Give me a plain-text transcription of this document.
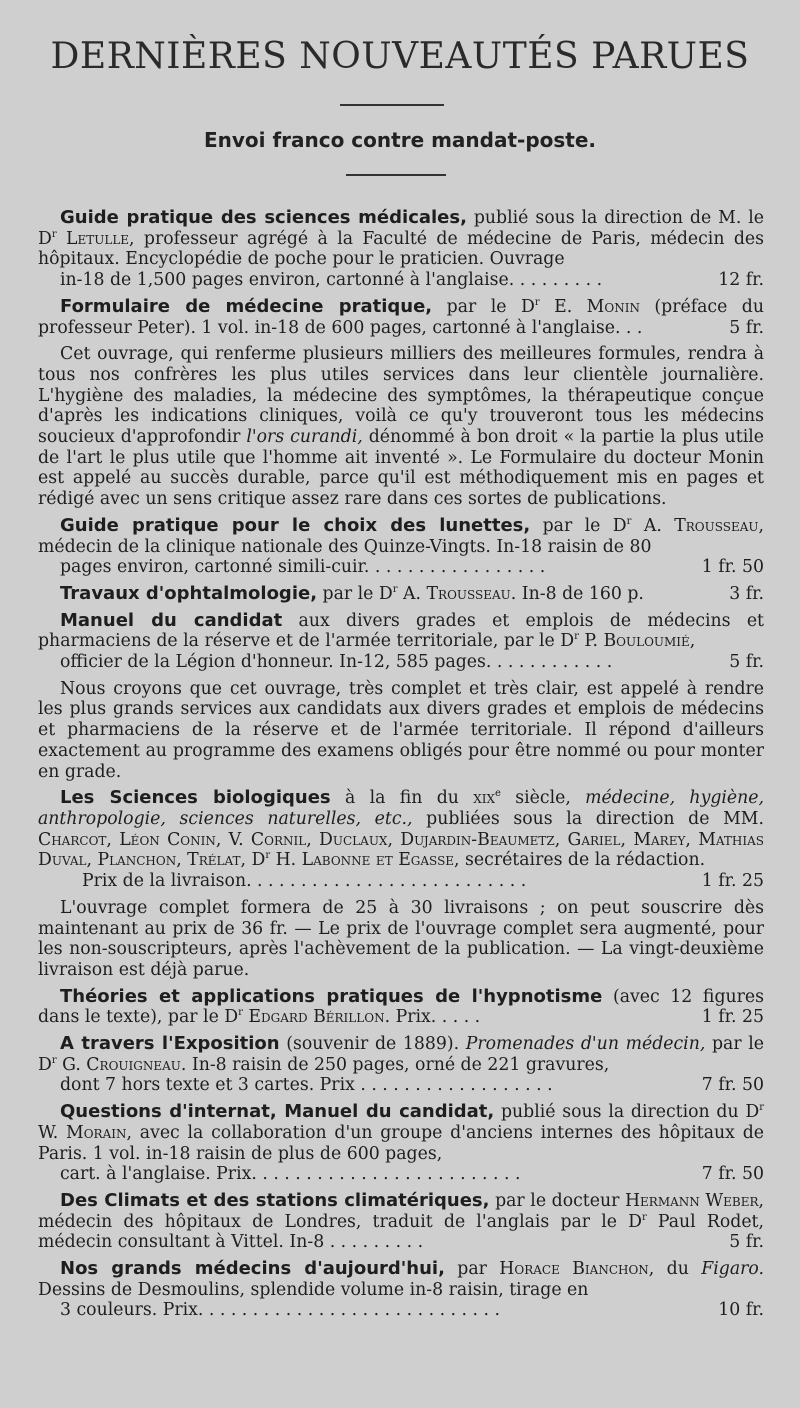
DERNIÈRES NOUVEAUTÉS PARUES
Envoi franco contre mandat-poste.

Guide pratique des sciences médicales, publié sous la direction de M. le $D^r$ Letulle, professeur agrégé à la Faculté de médecine de Paris, médecin des hôpitaux. Encyclopédie de poche pour le praticien. Ouvrage
in-18 de 1,500 pages environ, cartonné à l'anglaise. . . . . . . . .	12 fr.

Formulaire de médecine pratique, par le $D^r$ E. Monin (préface du professeur Peter). 1 vol. in-18 de 600 pages, cartonné à l'anglaise. . .	5 fr.

Cet ouvrage, qui renferme plusieurs milliers des meilleures formules, rendra à tous nos confrères les plus utiles services dans leur clientèle journalière. L'hygiène des maladies, la médecine des symptômes, la thérapeutique conçue d'après les indications cliniques, voilà ce qu'y trouveront tous les médecins soucieux d'approfondir l'ors curandi, dénommé à bon droit « la partie la plus utile de l'art le plus utile que l'homme ait inventé ». Le Formulaire du docteur Monin est appelé au succès durable, parce qu'il est méthodiquement mis en pages et rédigé avec un sens critique assez rare dans ces sortes de publications.

Guide pratique pour le choix des lunettes, par le $D^r$ A. Trousseau, médecin de la clinique nationale des Quinze-Vingts. In-18 raisin de 80
pages environ, cartonné simili-cuir. . . . . . . . . . . . . . . . .	1 fr. 50

Travaux d'ophtalmologie, par le $D^r$ A. Trousseau. In-8 de 160 p.	3 fr.

Manuel du candidat aux divers grades et emplois de médecins et pharmaciens de la réserve et de l'armée territoriale, par le $D^r$ P. Bouloumié,
officier de la Légion d'honneur. In-12, 585 pages. . . . . . . . . . . .	5 fr.

Nous croyons que cet ouvrage, très complet et très clair, est appelé à rendre les plus grands services aux candidats aux divers grades et emplois de médecins et pharmaciens de la réserve et de l'armée territoriale. Il répond d'ailleurs exactement au programme des examens obligés pour être nommé ou pour monter en grade.

Les Sciences biologiques à la fin du xix$^e$ siècle, médecine, hygiène, anthropologie, sciences naturelles, etc., publiées sous la direction de MM. Charcot, Léon Conin, V. Cornil, Duclaux, Dujardin-Beaumetz, Gariel, Marey, Mathias Duval, Planchon, Trélat, $D^r$ H. Labonne et Egasse, secrétaires de la rédaction.
Prix de la livraison. . . . . . . . . . . . . . . . . . . . . . . . . .	1 fr. 25

L'ouvrage complet formera de 25 à 30 livraisons ; on peut souscrire dès maintenant au prix de 36 fr. — Le prix de l'ouvrage complet sera augmenté, pour les non-souscripteurs, après l'achèvement de la publication. — La vingt-deuxième livraison est déjà parue.

Théories et applications pratiques de l'hypnotisme (avec 12 figures dans le texte), par le $D^r$ Edgard Bérillon. Prix. . . . .	1 fr. 25

A travers l'Exposition (souvenir de 1889). Promenades d'un médecin, par le $D^r$ G. Crouigneau. In-8 raisin de 250 pages, orné de 221 gravures,
dont 7 hors texte et 3 cartes. Prix . . . . . . . . . . . . . . . . . .	7 fr. 50

Questions d'internat, Manuel du candidat, publié sous la direction du $D^r$ W. Morain, avec la collaboration d'un groupe d'anciens internes des hôpitaux de Paris. 1 vol. in-18 raisin de plus de 600 pages,
cart. à l'anglaise. Prix. . . . . . . . . . . . . . . . . . . . . . . . .	7 fr. 50

Des Climats et des stations climatériques, par le docteur Hermann Weber, médecin des hôpitaux de Londres, traduit de l'anglais par le $D^r$ Paul Rodet, médecin consultant à Vittel. In-8 . . . . . . . . .	5 fr.

Nos grands médecins d'aujourd'hui, par Horace Bianchon, du Figaro. Dessins de Desmoulins, splendide volume in-8 raisin, tirage en
3 couleurs. Prix. . . . . . . . . . . . . . . . . . . . . . . . . . . .	10 fr.
